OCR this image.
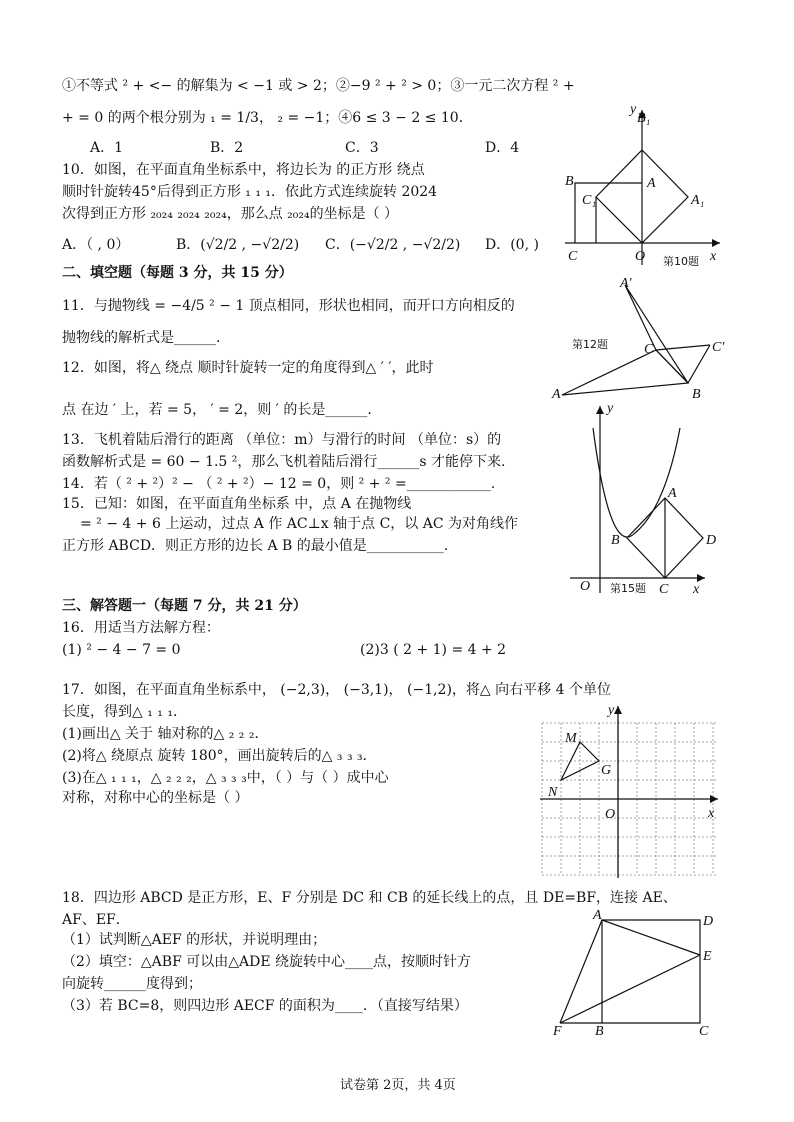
①不等式 ² + <− 的解集为 < −1 或 > 2；②−9 ² + ² > 0；③一元二次方程 ² +
+ = 0 的两个根分别为 ₁ = 1/3， ₂ = −1；④6 ≤ 3 − 2 ≤ 10．
A．1	B．2	C．3	D．4
10．如图，在平面直角坐标系中，将边长为 的正方形 绕点
顺时针旋转45°后得到正方形 ₁ ₁ ₁．依此方式连续旋转 2024
次得到正方形 ₂₀₂₄ ₂₀₂₄ ₂₀₂₄，那么点 ₂₀₂₄的坐标是（ ）
A．（ , 0）	B．(√2/2 , −√2/2) C．(−√2/2 , −√2/2) D．(0, )
B₁
y
B	A
C₁	A₁
C	O	x
第10题
二、填空题（每题 3 分，共 15 分）
11．与抛物线 = −4/5 ² − 1 顶点相同，形状也相同，而开口方向相反的
抛物线的解析式是______.
A′
C	C′
A	B
第12题
12．如图，将△ 绕点 顺时针旋转一定的角度得到△ ′ ′，此时
点 在边 ′ 上，若 = 5， ′ = 2，则 ′ 的长是______.
13．飞机着陆后滑行的距离 （单位：m）与滑行的时间 （单位：s）的
函数解析式是 = 60 − 1.5 ²，那么飞机着陆后滑行______s 才能停下来.
14．若（ ² + ²）² − （ ² + ²）− 12 = 0，则 ² + ² =____________.
15．已知：如图，在平面直角坐标系 中，点 A 在抛物线
= ² − 4 + 6 上运动，过点 A 作 AC⊥x 轴于点 C，以 AC 为对角线作
正方形 ABCD．则正方形的边长 A B 的最小值是___________.
y
A
B	D
O	C x
第15题
三、解答题一（每题 7 分，共 21 分）
16．用适当方法解方程：
(1) ² − 4 − 7 = 0	(2)3 ( 2 + 1) = 4 + 2
17．如图，在平面直角坐标系中， (−2,3)， (−3,1)， (−1,2)，将△ 向右平移 4 个单位
长度，得到△ ₁ ₁ ₁．
(1)画出△ 关于 轴对称的△ ₂ ₂ ₂．
(2)将△ 绕原点 旋转 180°，画出旋转后的△ ₃ ₃ ₃．
(3)在△ ₁ ₁ ₁，△ ₂ ₂ ₂，△ ₃ ₃ ₃中，（ ）与（ ）成中心
对称，对称中心的坐标是（ ）
y
M
G
N
O	x
18．四边形 ABCD 是正方形，E、F 分别是 DC 和 CB 的延长线上的点，且 DE=BF，连接 AE、
AF、EF．
（1）试判断△AEF 的形状，并说明理由；
（2）填空：△ABF 可以由△ADE 绕旋转中心____点，按顺时针方
向旋转______度得到；
（3）若 BC=8，则四边形 AECF 的面积为____．（直接写结果）
A	D
E
F B	C
试卷第 2页，共 4页
